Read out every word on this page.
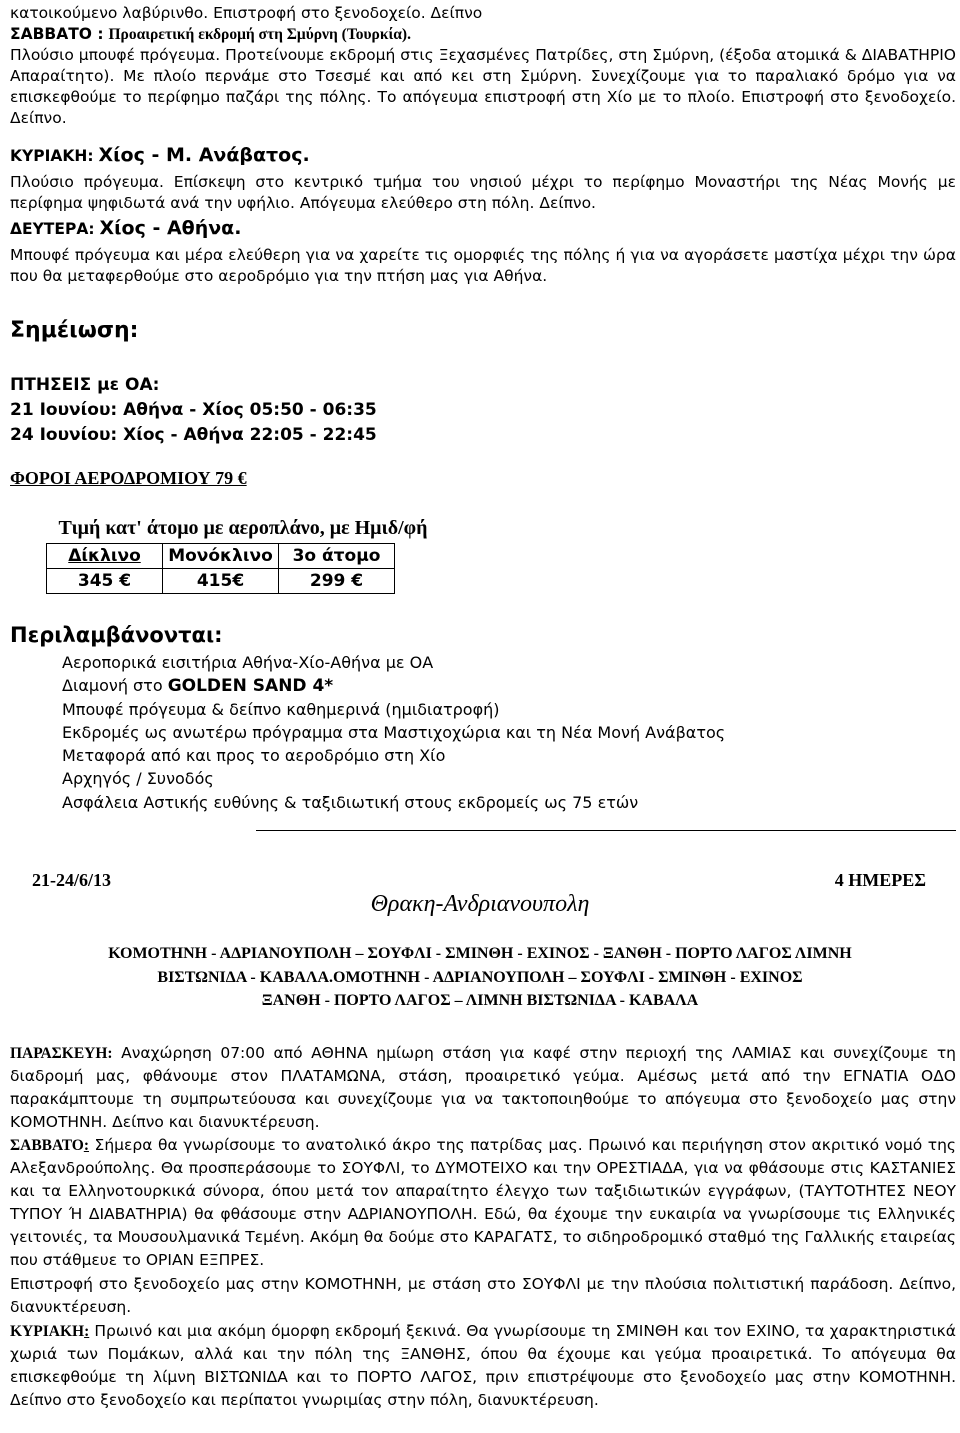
κατοικούμενο λαβύρινθο. Επιστροφή στο ξενοδοχείο. Δείπνο
ΣΑΒΒΑΤΟ : Προαιρετική εκδρομή στη Σμύρνη (Τουρκία).
Πλούσιο μπουφέ πρόγευμα. Προτείνουμε εκδρομή στις Ξεχασμένες Πατρίδες, στη Σμύρνη, (έξοδα ατομικά & ΔΙΑΒΑΤΗΡΙΟ Απαραίτητο). Με πλοίο περνάμε στο Τσεσμέ και από κει στη Σμύρνη. Συνεχίζουμε για το παραλιακό δρόμο για να επισκεφθούμε το περίφημο παζάρι της πόλης. Το απόγευμα επιστροφή στη Χίο με το πλοίο. Επιστροφή στο ξενοδοχείο. Δείπνο.
ΚΥΡΙΑΚΗ: Χίος - Μ. Ανάβατος.
Πλούσιο πρόγευμα. Επίσκεψη στο κεντρικό τμήμα του νησιού μέχρι το περίφημο Μοναστήρι της Νέας Μονής με περίφημα ψηφιδωτά ανά την υφήλιο. Απόγευμα ελεύθερο στη πόλη. Δείπνο.
ΔΕΥΤΕΡΑ: Χίος - Αθήνα.
Μπουφέ πρόγευμα και μέρα ελεύθερη για να χαρείτε τις ομορφιές της πόλης ή για να αγοράσετε μαστίχα μέχρι την ώρα που θα μεταφερθούμε στο αεροδρόμιο για την πτήση μας για Αθήνα.
Σημέιωση:
ΠΤΗΣΕΙΣ με ΟΑ:
21 Ιουνίου: Αθήνα - Χίος 05:50 - 06:35
24 Ιουνίου: Χίος - Αθήνα 22:05 - 22:45
ΦΟΡΟΙ ΑΕΡΟΔΡΟΜΙΟΥ 79 €
Τιμή κατ' άτομο με αεροπλάνο, με Ημιδ/φή
Δίκλινο	Μονόκλινο	3ο άτομο
345 €	415€	299 €
Περιλαμβάνονται:
Αεροπορικά εισιτήρια Αθήνα-Χίο-Αθήνα με ΟΑ
Διαμονή στο GOLDEN SAND 4*
Μπουφέ πρόγευμα & δείπνο καθημερινά (ημιδιατροφή)
Εκδρομές ως ανωτέρω πρόγραμμα στα Μαστιχοχώρια και τη Νέα Μονή Ανάβατος
Μεταφορά από και προς το αεροδρόμιο στη Χίο
Αρχηγός / Συνοδός
Ασφάλεια Αστικής ευθύνης & ταξιδιωτική στους εκδρομείς ως 75 ετών
21-24/6/13	4 ΗΜΕΡΕΣ
Θρακη-Ανδριανουπολη
ΚΟΜΟΤΗΝΗ - ΑΔΡΙΑΝΟΥΠΟΛΗ – ΣΟΥΦΛΙ - ΣΜΙΝΘΗ - ΕΧΙΝΟΣ - ΞΑΝΘΗ - ΠΟΡΤΟ ΛΑΓΟΣ ΛΙΜΝΗ
ΒΙΣΤΩΝΙΔΑ - ΚΑΒΑΛΑ.ΟΜΟΤΗΝΗ - ΑΔΡΙΑΝΟΥΠΟΛΗ – ΣΟΥΦΛΙ - ΣΜΙΝΘΗ - ΕΧΙΝΟΣ
ΞΑΝΘΗ - ΠΟΡΤΟ ΛΑΓΟΣ – ΛΙΜΝΗ ΒΙΣΤΩΝΙΔΑ - ΚΑΒΑΛΑ
ΠΑΡΑΣΚΕΥΗ: Αναχώρηση 07:00 από ΑΘΗΝΑ ημίωρη στάση για καφέ στην περιοχή της ΛΑΜΙΑΣ και συνεχίζουμε τη διαδρομή μας, φθάνουμε στον ΠΛΑΤΑΜΩΝΑ, στάση, προαιρετικό γεύμα. Αμέσως μετά από την ΕΓΝΑΤΙΑ ΟΔΟ παρακάμπτουμε τη συμπρωτεύουσα και συνεχίζουμε για να τακτοποιηθούμε το απόγευμα στο ξενοδοχείο μας στην ΚΟΜΟΤΗΝΗ. Δείπνο και διανυκτέρευση.
ΣΑΒΒΑΤΟ: Σήμερα θα γνωρίσουμε το ανατολικό άκρο της πατρίδας μας. Πρωινό και περιήγηση στον ακριτικό νομό της Αλεξανδρούπολης. Θα προσπεράσουμε το ΣΟΥΦΛΙ, το ΔΥΜΟΤΕΙΧΟ και την ΟΡΕΣΤΙΑΔΑ, για να φθάσουμε στις ΚΑΣΤΑΝΙΕΣ και τα Ελληνοτουρκικά σύνορα, όπου μετά τον απαραίτητο έλεγχο των ταξιδιωτικών εγγράφων, (ΤΑΥΤΟΤΗΤΕΣ ΝΕΟΥ ΤΥΠΟΥ Ή ΔΙΑΒΑΤΗΡΙΑ) θα φθάσουμε στην ΑΔΡΙΑΝΟΥΠΟΛΗ. Εδώ, θα έχουμε την ευκαιρία να γνωρίσουμε τις Ελληνικές γειτονιές, τα Μουσουλμανικά Τεμένη. Ακόμη θα δούμε στο ΚΑΡΑΓΑΤΣ, το σιδηροδρομικό σταθμό της Γαλλικής εταιρείας που στάθμευε το ΟΡΙΑΝ ΕΞΠΡΕΣ.
Επιστροφή στο ξενοδοχείο μας στην ΚΟΜΟΤΗΝΗ, με στάση στο ΣΟΥΦΛΙ με την πλούσια πολιτιστική παράδοση. Δείπνο, διανυκτέρευση.
ΚΥΡΙΑΚΗ: Πρωινό και μια ακόμη όμορφη εκδρομή ξεκινά. Θα γνωρίσουμε τη ΣΜΙΝΘΗ και τον ΕΧΙΝΟ, τα χαρακτηριστικά χωριά των Πομάκων, αλλά και την πόλη της ΞΑΝΘΗΣ, όπου θα έχουμε και γεύμα προαιρετικά. Το απόγευμα θα επισκεφθούμε τη λίμνη ΒΙΣΤΩΝΙΔΑ και το ΠΟΡΤΟ ΛΑΓΟΣ, πριν επιστρέψουμε στο ξενοδοχείο μας στην ΚΟΜΟΤΗΝΗ. Δείπνο στο ξενοδοχείο και περίπατοι γνωριμίας στην πόλη, διανυκτέρευση.
